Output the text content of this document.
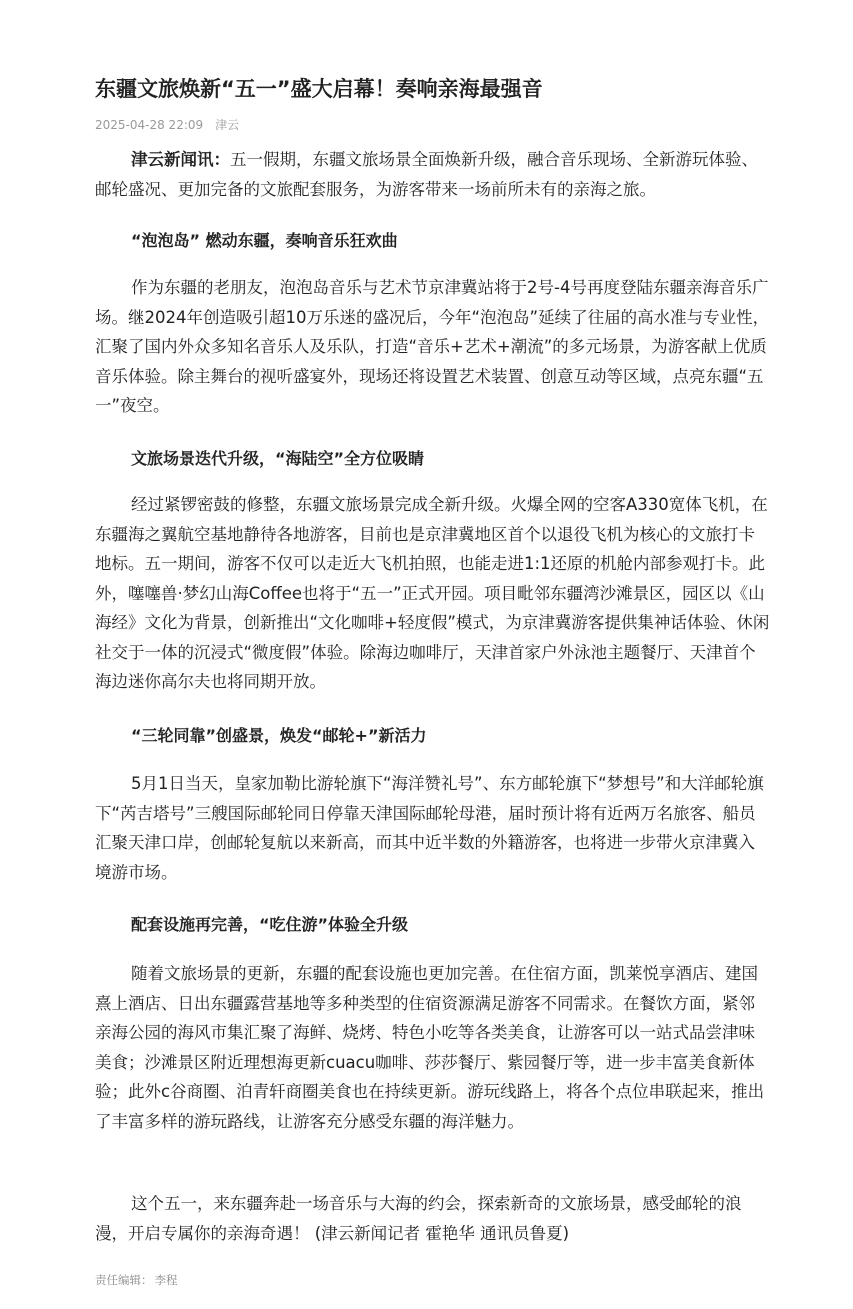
东疆文旅焕新“五一”盛大启幕！奏响亲海最强音
2025-04-28 22:09 津云

津云新闻讯：五一假期，东疆文旅场景全面焕新升级，融合音乐现场、全新游玩体验、邮轮盛况、更加完备的文旅配套服务，为游客带来一场前所未有的亲海之旅。

“泡泡岛” 燃动东疆，奏响音乐狂欢曲

作为东疆的老朋友，泡泡岛音乐与艺术节京津冀站将于2号-4号再度登陆东疆亲海音乐广场。继2024年创造吸引超10万乐迷的盛况后，今年“泡泡岛”延续了往届的高水准与专业性，汇聚了国内外众多知名音乐人及乐队，打造“音乐+艺术+潮流”的多元场景，为游客献上优质音乐体验。除主舞台的视听盛宴外，现场还将设置艺术装置、创意互动等区域，点亮东疆“五一”夜空。

文旅场景迭代升级，“海陆空”全方位吸睛

经过紧锣密鼓的修整，东疆文旅场景完成全新升级。火爆全网的空客A330宽体飞机，在东疆海之翼航空基地静待各地游客，目前也是京津冀地区首个以退役飞机为核心的文旅打卡地标。五一期间，游客不仅可以走近大飞机拍照，也能走进1:1还原的机舱内部参观打卡。此外，噻噻兽·梦幻山海Coffee也将于“五一”正式开园。项目毗邻东疆湾沙滩景区，园区以《山海经》文化为背景，创新推出“文化咖啡+轻度假”模式，为京津冀游客提供集神话体验、休闲社交于一体的沉浸式“微度假”体验。除海边咖啡厅，天津首家户外泳池主题餐厅、天津首个海边迷你高尔夫也将同期开放。

“三轮同靠”创盛景，焕发“邮轮+”新活力

5月1日当天，皇家加勒比游轮旗下“海洋赞礼号”、东方邮轮旗下“梦想号”和大洋邮轮旗下“芮吉塔号”三艘国际邮轮同日停靠天津国际邮轮母港，届时预计将有近两万名旅客、船员汇聚天津口岸，创邮轮复航以来新高，而其中近半数的外籍游客，也将进一步带火京津冀入境游市场。

配套设施再完善，“吃住游”体验全升级

随着文旅场景的更新，东疆的配套设施也更加完善。在住宿方面，凯莱悦享酒店、建国熹上酒店、日出东疆露营基地等多种类型的住宿资源满足游客不同需求。在餐饮方面，紧邻亲海公园的海风市集汇聚了海鲜、烧烤、特色小吃等各类美食，让游客可以一站式品尝津味美食；沙滩景区附近理想海更新cuacu咖啡、莎莎餐厅、紫园餐厅等，进一步丰富美食新体验；此外c谷商圈、泊青轩商圈美食也在持续更新。游玩线路上，将各个点位串联起来，推出了丰富多样的游玩路线，让游客充分感受东疆的海洋魅力。

这个五一，来东疆奔赴一场音乐与大海的约会，探索新奇的文旅场景，感受邮轮的浪漫，开启专属你的亲海奇遇！ (津云新闻记者 霍艳华 通讯员鲁夏)

责任编辑： 李程
